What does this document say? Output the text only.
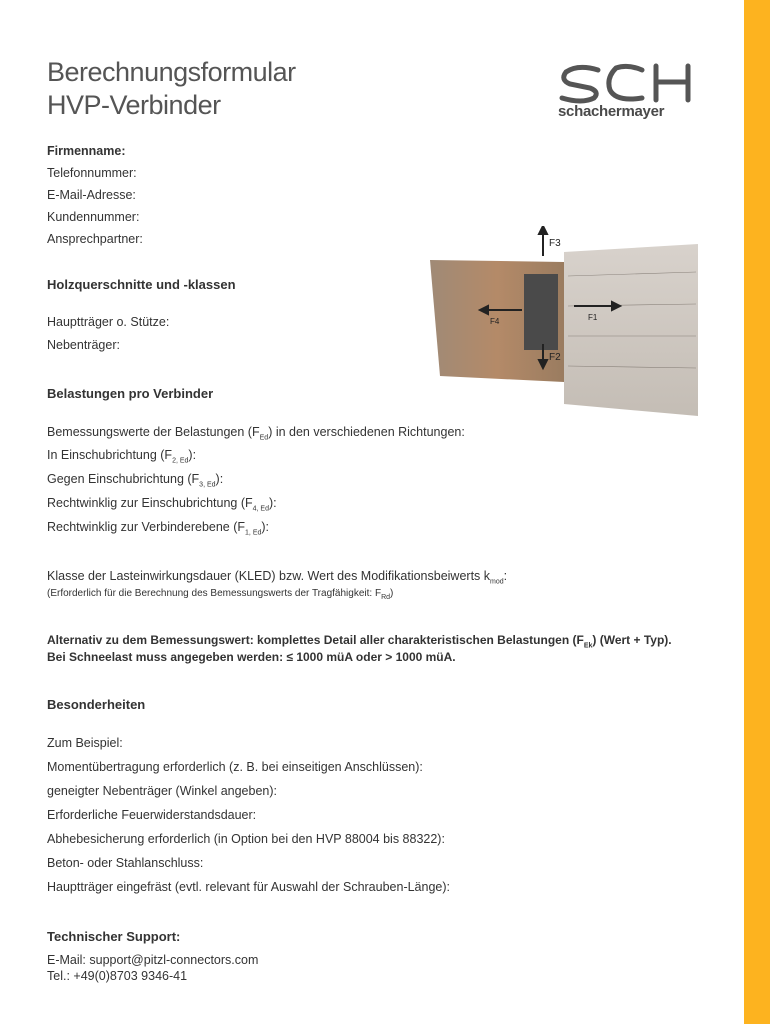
Berechnungsformular
HVP-Verbinder	schachermayer
Firmenname:
Telefonnummer:
E-Mail-Adresse:
Kundennummer:
Ansprechpartner:
Holzquerschnitte und -klassen
Hauptträger o. Stütze:
Nebenträger:
F3
F1
F4
F2
Belastungen pro Verbinder
Bemessungswerte der Belastungen $(F_{Ed})$ in den verschiedenen Richtungen:
In Einschubrichtung $(F_{2, Ed})$:
Gegen Einschubrichtung $(F_{3, Ed})$:
Rechtwinklig zur Einschubrichtung $(F_{4, Ed})$:
Rechtwinklig zur Verbinderebene $(F_{1, Ed})$:
Klasse der Lasteinwirkungsdauer (KLED) bzw. Wert des Modifikationsbeiwerts $k_{mod}$:
(Erforderlich für die Berechnung des Bemessungswerts der Tragfähigkeit: $F_{Rd}$)
Alternativ zu dem Bemessungswert: komplettes Detail aller charakteristischen Belastungen $(F_{Ek})$ (Wert + Typ).
Bei Schneelast muss angegeben werden: ≤ 1000 müA oder > 1000 müA.
Besonderheiten
Zum Beispiel:
Momentübertragung erforderlich (z. B. bei einseitigen Anschlüssen):
geneigter Nebenträger (Winkel angeben):
Erforderliche Feuerwiderstandsdauer:
Abhebesicherung erforderlich (in Option bei den HVP 88004 bis 88322):
Beton- oder Stahlanschluss:
Hauptträger eingefräst (evtl. relevant für Auswahl der Schrauben-Länge):
Technischer Support:
E-Mail: support@pitzl-connectors.com
Tel.: +49(0)8703 9346-41
